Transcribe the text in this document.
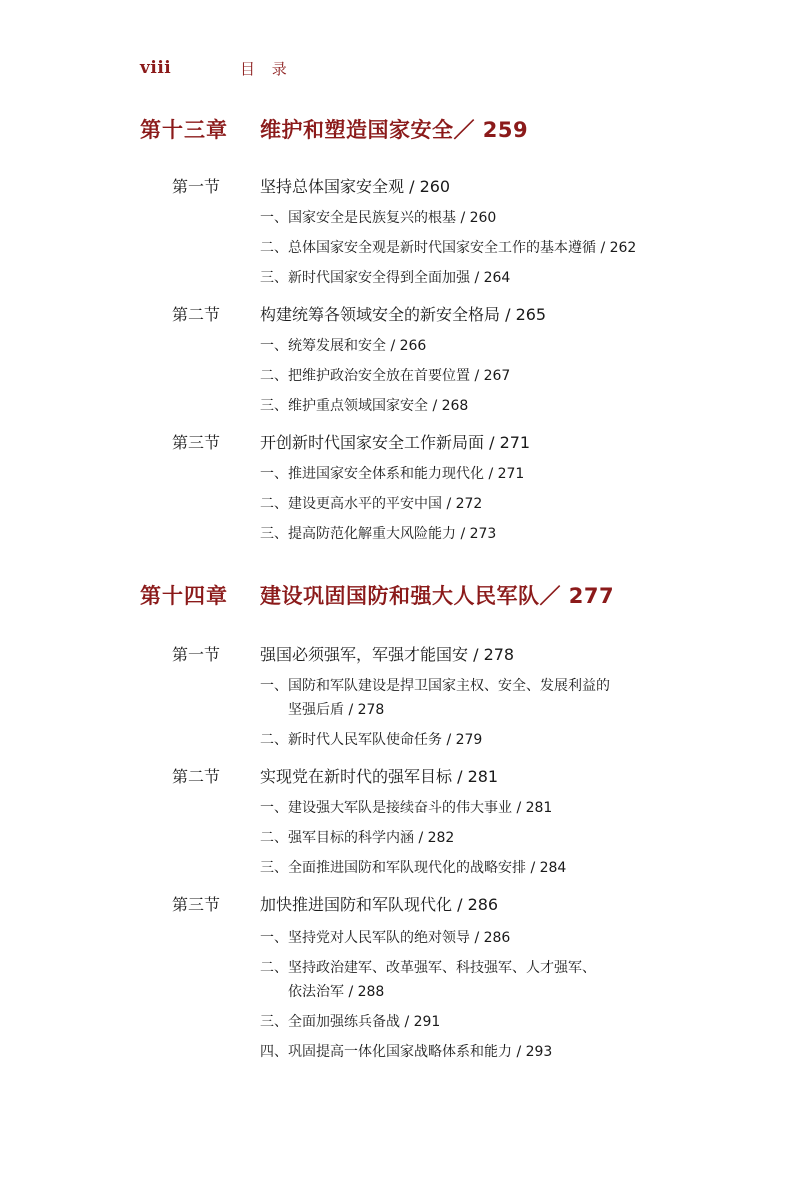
viii	目 录
第十三章 维护和塑造国家安全／ 259
第一节 坚持总体国家安全观 / 260
一、国家安全是民族复兴的根基 / 260
二、总体国家安全观是新时代国家安全工作的基本遵循 / 262
三、新时代国家安全得到全面加强 / 264
第二节 构建统筹各领域安全的新安全格局 / 265
一、统筹发展和安全 / 266
二、把维护政治安全放在首要位置 / 267
三、维护重点领域国家安全 / 268
第三节 开创新时代国家安全工作新局面 / 271
一、推进国家安全体系和能力现代化 / 271
二、建设更高水平的平安中国 / 272
三、提高防范化解重大风险能力 / 273
第十四章 建设巩固国防和强大人民军队／ 277
第一节 强国必须强军，军强才能国安 / 278
一、国防和军队建设是捍卫国家主权、安全、发展利益的
坚强后盾 / 278
二、新时代人民军队使命任务 / 279
第二节 实现党在新时代的强军目标 / 281
一、建设强大军队是接续奋斗的伟大事业 / 281
二、强军目标的科学内涵 / 282
三、全面推进国防和军队现代化的战略安排 / 284
第三节 加快推进国防和军队现代化 / 286
一、坚持党对人民军队的绝对领导 / 286
二、坚持政治建军、改革强军、科技强军、人才强军、
依法治军 / 288
三、全面加强练兵备战 / 291
四、巩固提高一体化国家战略体系和能力 / 293
